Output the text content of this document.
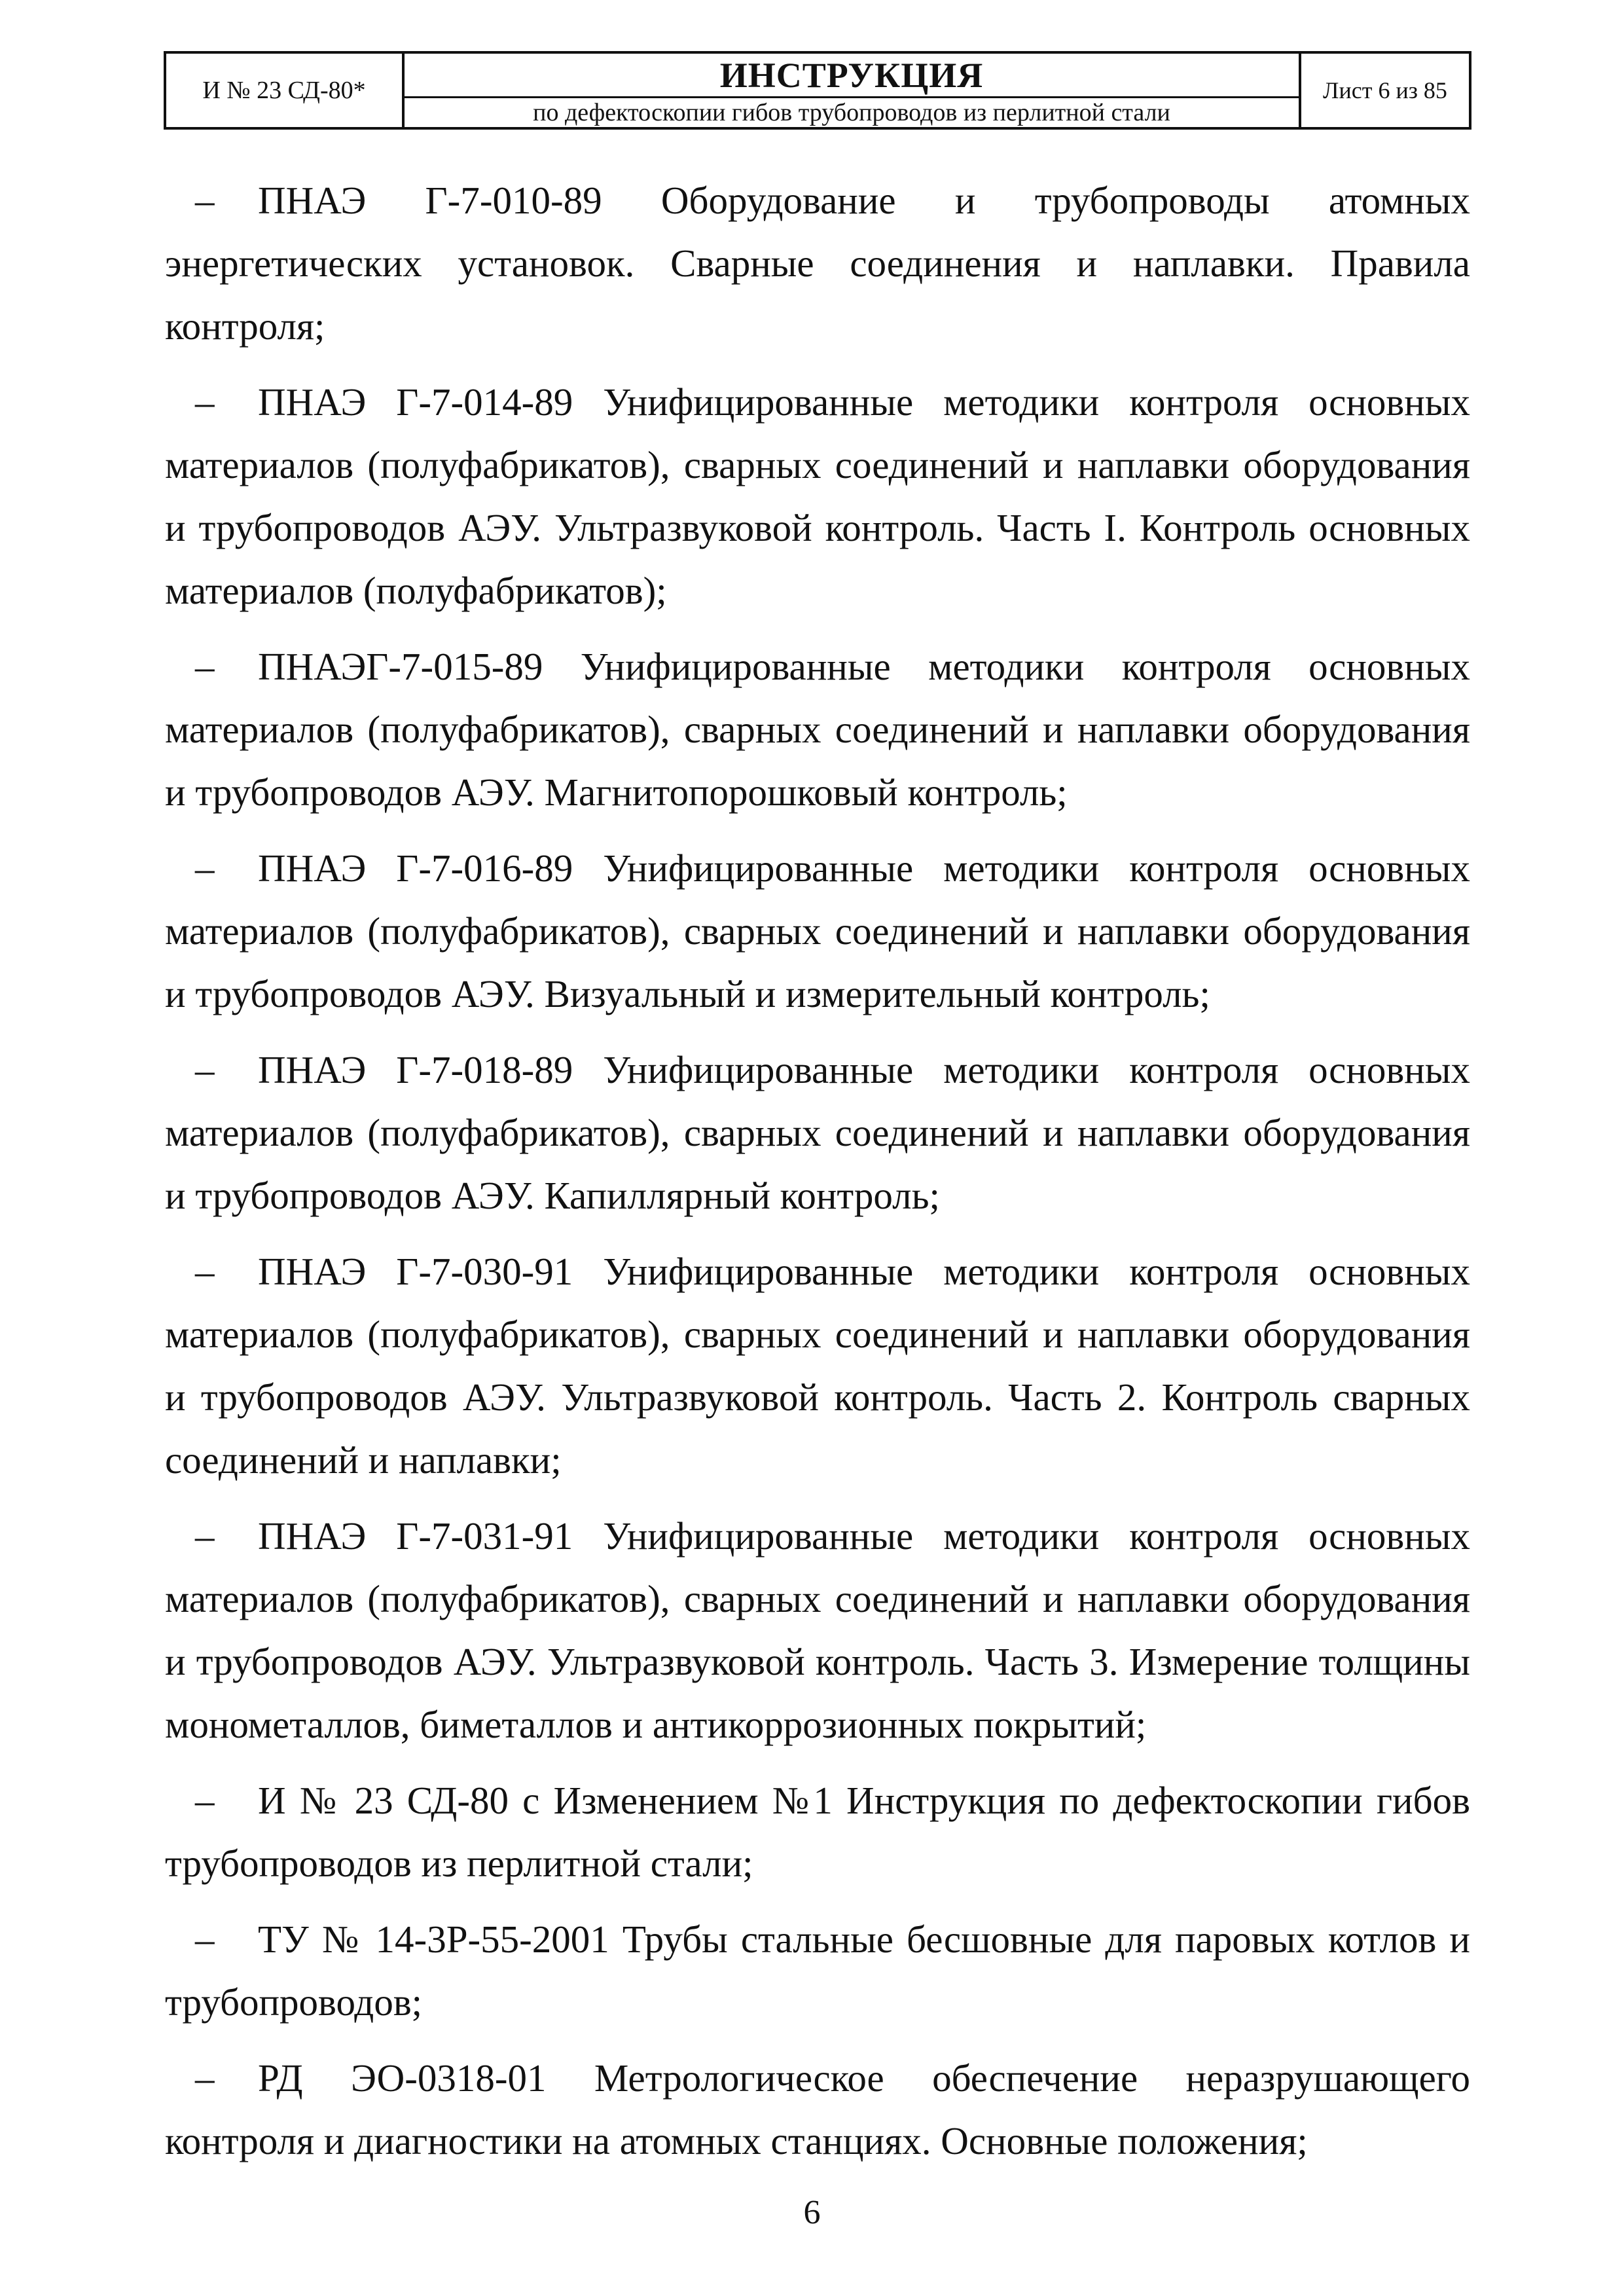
И № 23 СД-80*	ИНСТРУКЦИЯ
по дефектоскопии гибов трубопроводов из перлитной стали
Лист 6 из 85

– ПНАЭ Г-7-010-89 Оборудование и трубопроводы атомных энергетических установок. Сварные соединения и наплавки. Правила контроля;

– ПНАЭ Г-7-014-89 Унифицированные методики контроля основных материалов (полуфабрикатов), сварных соединений и наплавки оборудования и трубопроводов АЭУ. Ультразвуковой контроль. Часть I. Контроль основных материалов (полуфабрикатов);

– ПНАЭГ-7-015-89 Унифицированные методики контроля основных материалов (полуфабрикатов), сварных соединений и наплавки оборудования и трубопроводов АЭУ. Магнитопорошковый контроль;

– ПНАЭ Г-7-016-89 Унифицированные методики контроля основных материалов (полуфабрикатов), сварных соединений и наплавки оборудования и трубопроводов АЭУ. Визуальный и измерительный контроль;

– ПНАЭ Г-7-018-89 Унифицированные методики контроля основных материалов (полуфабрикатов), сварных соединений и наплавки оборудования и трубопроводов АЭУ. Капиллярный контроль;

– ПНАЭ Г-7-030-91 Унифицированные методики контроля основных материалов (полуфабрикатов), сварных соединений и наплавки оборудования и трубопроводов АЭУ. Ультразвуковой контроль. Часть 2. Контроль сварных соединений и наплавки;

– ПНАЭ Г-7-031-91 Унифицированные методики контроля основных материалов (полуфабрикатов), сварных соединений и наплавки оборудования и трубопроводов АЭУ. Ультразвуковой контроль. Часть 3. Измерение толщины монометаллов, биметаллов и антикоррозионных покрытий;

– И № 23 СД-80 с Изменением №1 Инструкция по дефектоскопии гибов трубопроводов из перлитной стали;

– ТУ № 14-3Р-55-2001 Трубы стальные бесшовные для паровых котлов и трубопроводов;

– РД ЭО-0318-01 Метрологическое обеспечение неразрушающего контроля и диагностики на атомных станциях. Основные положения;

6
